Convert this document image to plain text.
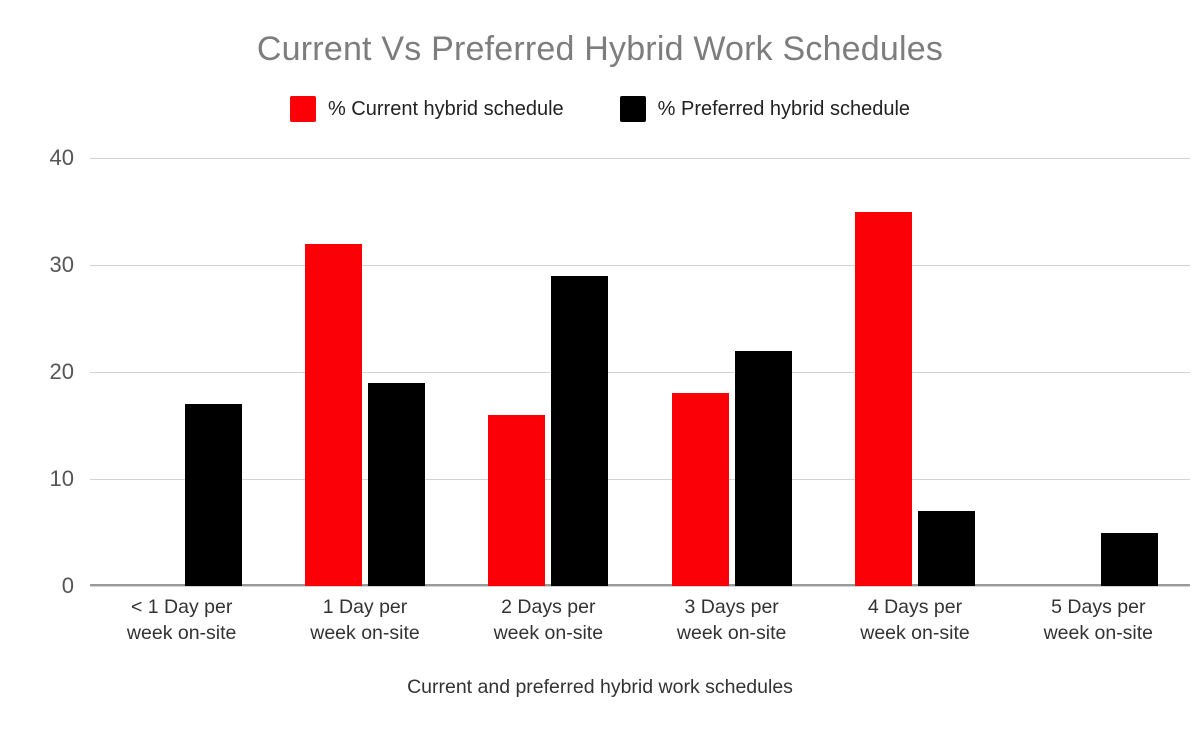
Current Vs Preferred Hybrid Work Schedules
% Current hybrid schedule	% Preferred hybrid schedule
0
10
20
30
40
< 1 Day per
week on-site
1 Day per
week on-site
2 Days per
week on-site
3 Days per
week on-site
4 Days per
week on-site
5 Days per
week on-site
Current and preferred hybrid work schedules
